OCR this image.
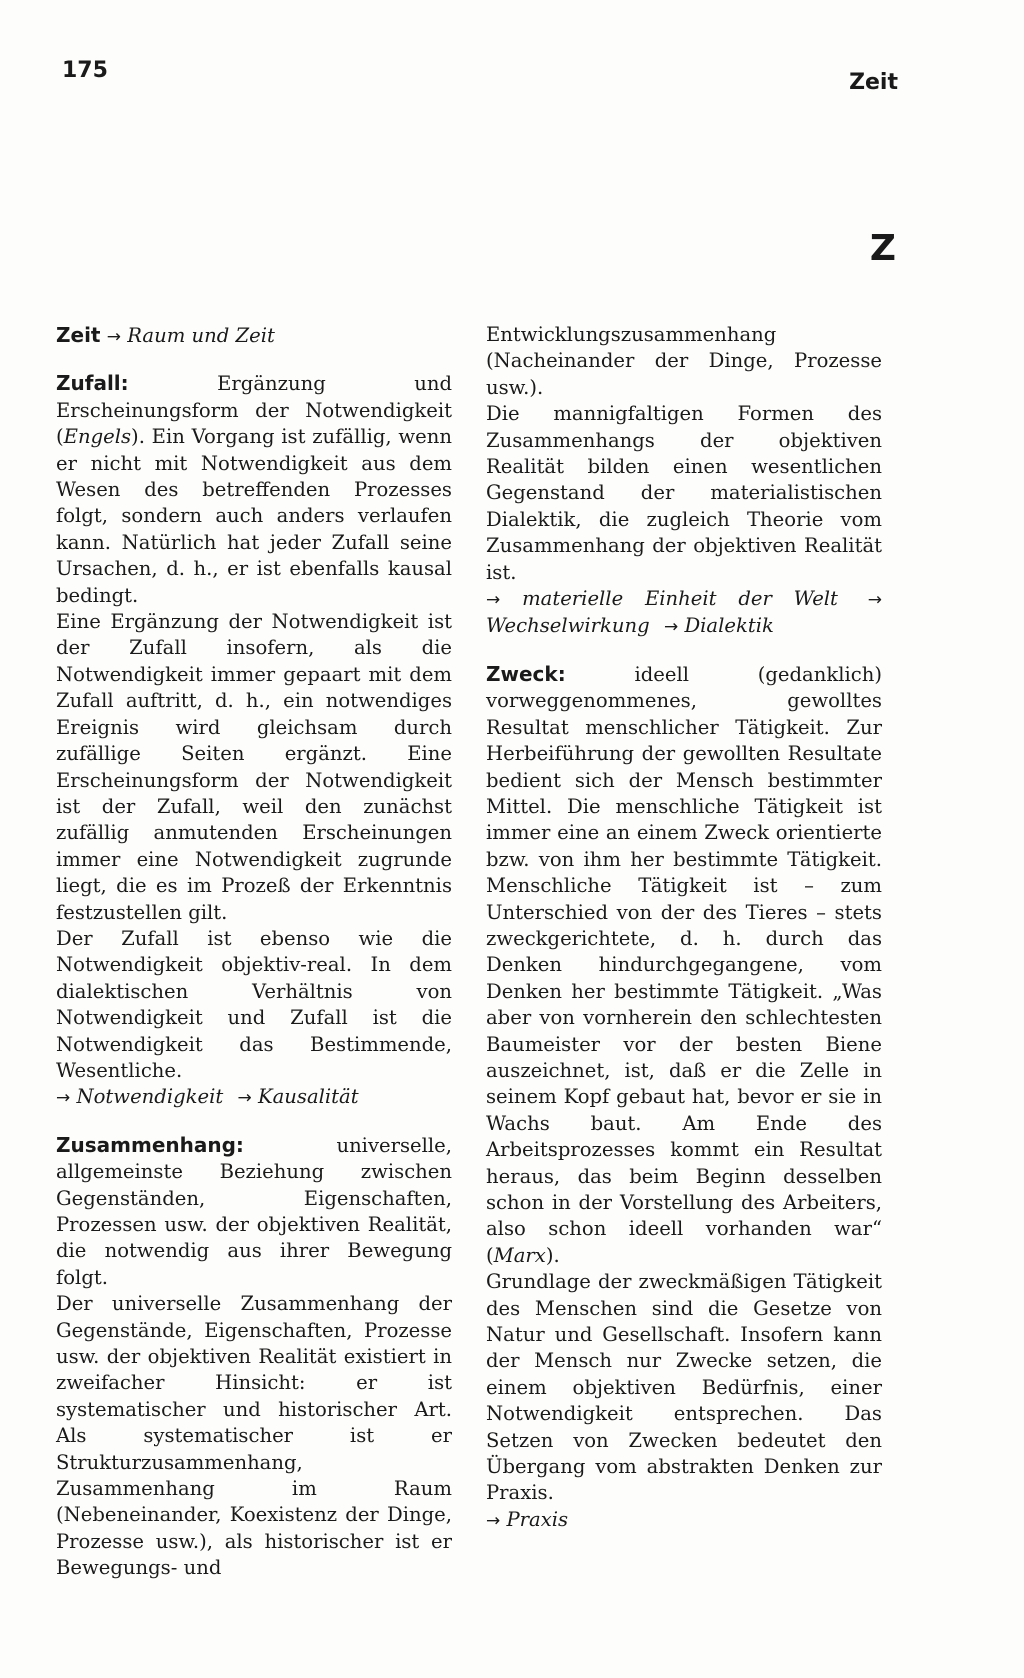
175	Zeit
Z

Zeit → Raum und Zeit

Zufall: Ergänzung und Erscheinungsform der Notwendigkeit (Engels). Ein Vorgang ist zufällig, wenn er nicht mit Notwendigkeit aus dem Wesen des betreffenden Prozesses folgt, sondern auch anders verlaufen kann. Natürlich hat jeder Zufall seine Ursachen, d. h., er ist ebenfalls kausal bedingt.

Eine Ergänzung der Notwendigkeit ist der Zufall insofern, als die Notwendigkeit immer gepaart mit dem Zufall auftritt, d. h., ein notwendiges Ereignis wird gleichsam durch zufällige Seiten ergänzt. Eine Erscheinungsform der Notwendigkeit ist der Zufall, weil den zunächst zufällig anmutenden Erscheinungen immer eine Notwendigkeit zugrunde liegt, die es im Prozeß der Erkenntnis festzustellen gilt.

Der Zufall ist ebenso wie die Notwendigkeit objektiv-real. In dem dialektischen Verhältnis von Notwendigkeit und Zufall ist die Notwendigkeit das Bestimmende, Wesentliche.

→ Notwendigkeit → Kausalität

Zusammenhang: universelle, allgemeinste Beziehung zwischen Gegenständen, Eigenschaften, Prozessen usw. der objektiven Realität, die notwendig aus ihrer Bewegung folgt.

Der universelle Zusammenhang der Gegenstände, Eigenschaften, Prozesse usw. der objektiven Realität existiert in zweifacher Hinsicht: er ist systematischer und historischer Art. Als systematischer ist er Strukturzusammenhang, Zusammenhang im Raum (Nebeneinander, Koexistenz der Dinge, Prozesse usw.), als historischer ist er Bewegungs- und

Entwicklungszusammenhang (Nacheinander der Dinge, Prozesse usw.).

Die mannigfaltigen Formen des Zusammenhangs der objektiven Realität bilden einen wesentlichen Gegenstand der materialistischen Dialektik, die zugleich Theorie vom Zusammenhang der objektiven Realität ist.

→ materielle Einheit der Welt → Wechselwirkung → Dialektik

Zweck: ideell (gedanklich) vorweggenommenes, gewolltes Resultat menschlicher Tätigkeit. Zur Herbeiführung der gewollten Resultate bedient sich der Mensch bestimmter Mittel. Die menschliche Tätigkeit ist immer eine an einem Zweck orientierte bzw. von ihm her bestimmte Tätigkeit. Menschliche Tätigkeit ist – zum Unterschied von der des Tieres – stets zweckgerichtete, d. h. durch das Denken hindurchgegangene, vom Denken her bestimmte Tätigkeit. „Was aber von vornherein den schlechtesten Baumeister vor der besten Biene auszeichnet, ist, daß er die Zelle in seinem Kopf gebaut hat, bevor er sie in Wachs baut. Am Ende des Arbeitsprozesses kommt ein Resultat heraus, das beim Beginn desselben schon in der Vorstellung des Arbeiters, also schon ideell vorhanden war“ (Marx).

Grundlage der zweckmäßigen Tätigkeit des Menschen sind die Gesetze von Natur und Gesellschaft. Insofern kann der Mensch nur Zwecke setzen, die einem objektiven Bedürfnis, einer Notwendigkeit entsprechen. Das Setzen von Zwecken bedeutet den Übergang vom abstrakten Denken zur Praxis.

→ Praxis
